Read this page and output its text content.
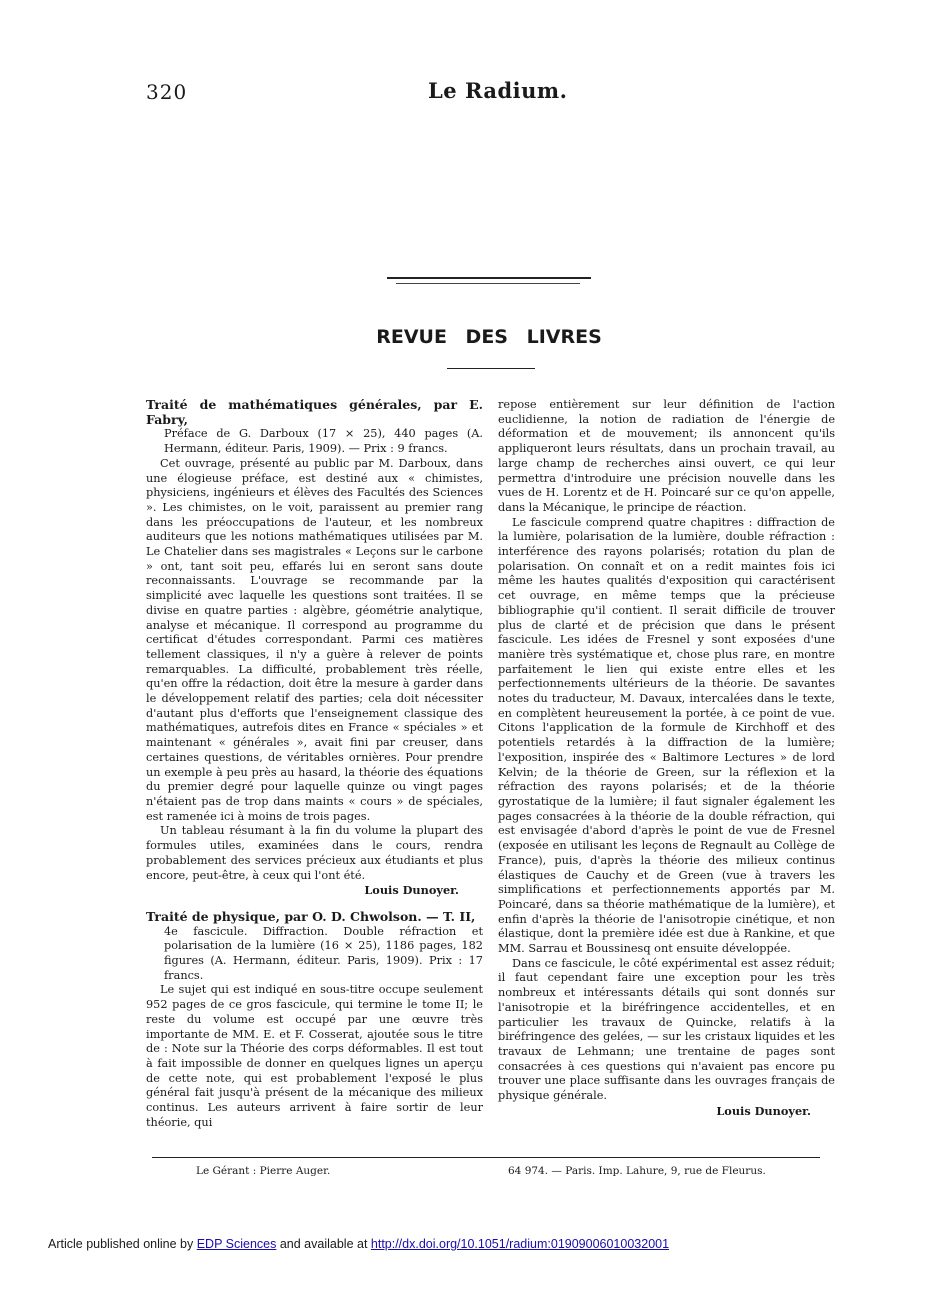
320	Le Radium.
REVUE DES LIVRES

Traité de mathématiques générales, par E. Fabry,

Préface de G. Darboux (17 × 25), 440 pages (A. Hermann, éditeur. Paris, 1909). — Prix : 9 francs.

Cet ouvrage, présenté au public par M. Darboux, dans une élogieuse préface, est destiné aux « chimistes, physiciens, ingénieurs et élèves des Facultés des Sciences ». Les chimistes, on le voit, paraissent au premier rang dans les préoccupations de l'auteur, et les nombreux auditeurs que les notions mathématiques utilisées par M. Le Chatelier dans ses magistrales « Leçons sur le carbone » ont, tant soit peu, effarés lui en seront sans doute reconnaissants. L'ouvrage se recommande par la simplicité avec laquelle les questions sont traitées. Il se divise en quatre parties : algèbre, géométrie analytique, analyse et mécanique. Il correspond au programme du certificat d'études correspondant. Parmi ces matières tellement classiques, il n'y a guère à relever de points remarquables. La difficulté, probablement très réelle, qu'en offre la rédaction, doit être la mesure à garder dans le développement relatif des parties; cela doit nécessiter d'autant plus d'efforts que l'enseignement classique des mathématiques, autrefois dites en France « spéciales » et maintenant « générales », avait fini par creuser, dans certaines questions, de véritables ornières. Pour prendre un exemple à peu près au hasard, la théorie des équations du premier degré pour laquelle quinze ou vingt pages n'étaient pas de trop dans maints « cours » de spéciales, est ramenée ici à moins de trois pages.

Un tableau résumant à la fin du volume la plupart des formules utiles, examinées dans le cours, rendra probablement des services précieux aux étudiants et plus encore, peut-être, à ceux qui l'ont été.

Louis Dunoyer.

Traité de physique, par O. D. Chwolson. — T. II,

4e fascicule. Diffraction. Double réfraction et polarisation de la lumière (16 × 25), 1186 pages, 182 figures (A. Hermann, éditeur. Paris, 1909). Prix : 17 francs.

Le sujet qui est indiqué en sous-titre occupe seulement 952 pages de ce gros fascicule, qui termine le tome II; le reste du volume est occupé par une œuvre très importante de MM. E. et F. Cosserat, ajoutée sous le titre de : Note sur la Théorie des corps déformables. Il est tout à fait impossible de donner en quelques lignes un aperçu de cette note, qui est probablement l'exposé le plus général fait jusqu'à présent de la mécanique des milieux continus. Les auteurs arrivent à faire sortir de leur théorie, qui

repose entièrement sur leur définition de l'action euclidienne, la notion de radiation de l'énergie de déformation et de mouvement; ils annoncent qu'ils appliqueront leurs résultats, dans un prochain travail, au large champ de recherches ainsi ouvert, ce qui leur permettra d'introduire une précision nouvelle dans les vues de H. Lorentz et de H. Poincaré sur ce qu'on appelle, dans la Mécanique, le principe de réaction.

Le fascicule comprend quatre chapitres : diffraction de la lumière, polarisation de la lumière, double réfraction : interférence des rayons polarisés; rotation du plan de polarisation. On connaît et on a redit maintes fois ici même les hautes qualités d'exposition qui caractérisent cet ouvrage, en même temps que la précieuse bibliographie qu'il contient. Il serait difficile de trouver plus de clarté et de précision que dans le présent fascicule. Les idées de Fresnel y sont exposées d'une manière très systématique et, chose plus rare, en montre parfaitement le lien qui existe entre elles et les perfectionnements ultérieurs de la théorie. De savantes notes du traducteur, M. Davaux, intercalées dans le texte, en complètent heureusement la portée, à ce point de vue. Citons l'application de la formule de Kirchhoff et des potentiels retardés à la diffraction de la lumière; l'exposition, inspirée des « Baltimore Lectures » de lord Kelvin; de la théorie de Green, sur la réflexion et la réfraction des rayons polarisés; et de la théorie gyrostatique de la lumière; il faut signaler également les pages consacrées à la théorie de la double réfraction, qui est envisagée d'abord d'après le point de vue de Fresnel (exposée en utilisant les leçons de Regnault au Collège de France), puis, d'après la théorie des milieux continus élastiques de Cauchy et de Green (vue à travers les simplifications et perfectionnements apportés par M. Poincaré, dans sa théorie mathématique de la lumière), et enfin d'après la théorie de l'anisotropie cinétique, et non élastique, dont la première idée est due à Rankine, et que MM. Sarrau et Boussinesq ont ensuite développée.

Dans ce fascicule, le côté expérimental est assez réduit; il faut cependant faire une exception pour les très nombreux et intéressants détails qui sont donnés sur l'anisotropie et la biréfringence accidentelles, et en particulier les travaux de Quincke, relatifs à la biréfringence des gelées, — sur les cristaux liquides et les travaux de Lehmann; une trentaine de pages sont consacrées à ces questions qui n'avaient pas encore pu trouver une place suffisante dans les ouvrages français de physique générale.

Louis Dunoyer.

Le Gérant : Pierre Auger.	64 974. — Paris. Imp. Lahure, 9, rue de Fleurus.
Article published online by EDP Sciences and available at http://dx.doi.org/10.1051/radium:01909006010032001
